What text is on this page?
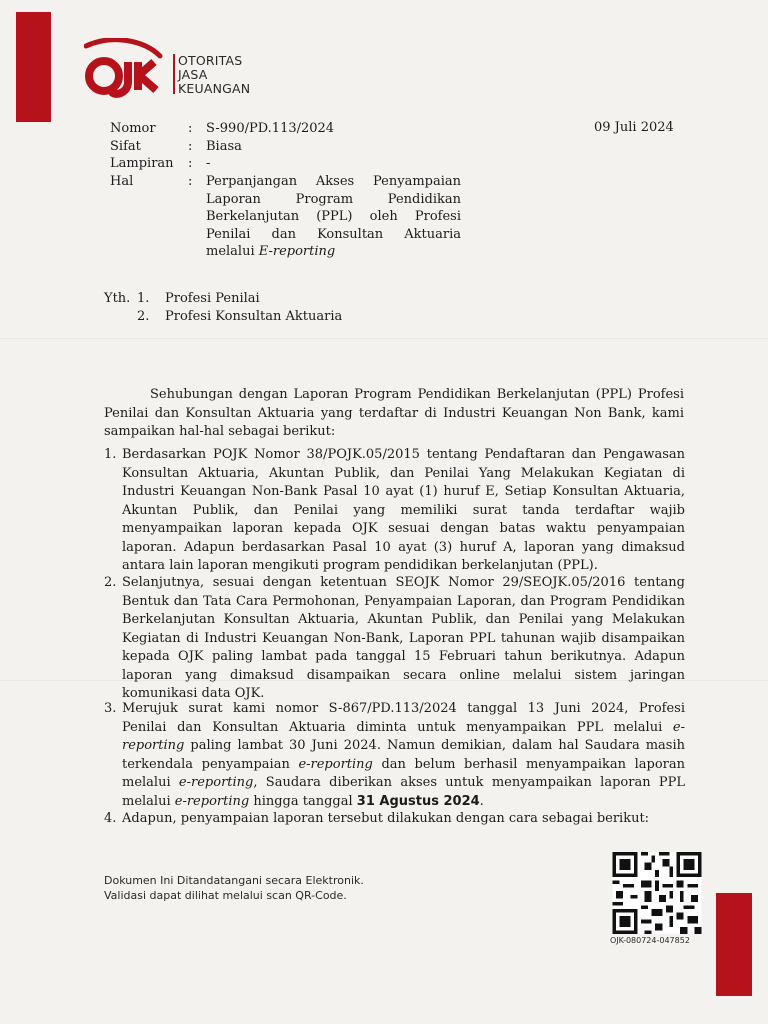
OTORITAS
JASA
KEUANGAN
09 Juli 2024
Nomor	: S-990/PD.113/2024
Sifat	: Biasa
Lampiran	: -
Hal	: Perpanjangan Akses Penyampaian
Laporan Program Pendidikan
Berkelanjutan (PPL) oleh Profesi
Penilai dan Konsultan Aktuaria
melalui E-reporting
Yth. 1. Profesi Penilai
2. Profesi Konsultan Aktuaria
Sehubungan dengan Laporan Program Pendidikan Berkelanjutan (PPL) Profesi
Penilai dan Konsultan Aktuaria yang terdaftar di Industri Keuangan Non Bank, kami
sampaikan hal-hal sebagai berikut:
1. Berdasarkan POJK Nomor 38/POJK.05/2015 tentang Pendaftaran dan Pengawasan
Konsultan Aktuaria, Akuntan Publik, dan Penilai Yang Melakukan Kegiatan di
Industri Keuangan Non-Bank Pasal 10 ayat (1) huruf E, Setiap Konsultan Aktuaria,
Akuntan Publik, dan Penilai yang memiliki surat tanda terdaftar wajib
menyampaikan laporan kepada OJK sesuai dengan batas waktu penyampaian
laporan. Adapun berdasarkan Pasal 10 ayat (3) huruf A, laporan yang dimaksud
antara lain laporan mengikuti program pendidikan berkelanjutan (PPL).
2. Selanjutnya, sesuai dengan ketentuan SEOJK Nomor 29/SEOJK.05/2016 tentang
Bentuk dan Tata Cara Permohonan, Penyampaian Laporan, dan Program Pendidikan
Berkelanjutan Konsultan Aktuaria, Akuntan Publik, dan Penilai yang Melakukan
Kegiatan di Industri Keuangan Non-Bank, Laporan PPL tahunan wajib disampaikan
kepada OJK paling lambat pada tanggal 15 Februari tahun berikutnya. Adapun
laporan yang dimaksud disampaikan secara online melalui sistem jaringan
komunikasi data OJK.
3. Merujuk surat kami nomor S-867/PD.113/2024 tanggal 13 Juni 2024, Profesi
Penilai dan Konsultan Aktuaria diminta untuk menyampaikan PPL melalui e-
reporting paling lambat 30 Juni 2024. Namun demikian, dalam hal Saudara masih
terkendala penyampaian e-reporting dan belum berhasil menyampaikan laporan
melalui e-reporting, Saudara diberikan akses untuk menyampaikan laporan PPL
melalui e-reporting hingga tanggal 31 Agustus 2024.
4. Adapun, penyampaian laporan tersebut dilakukan dengan cara sebagai berikut:
Dokumen Ini Ditandatangani secara Elektronik.
Validasi dapat dilihat melalui scan QR-Code.
OJK-080724-047852
